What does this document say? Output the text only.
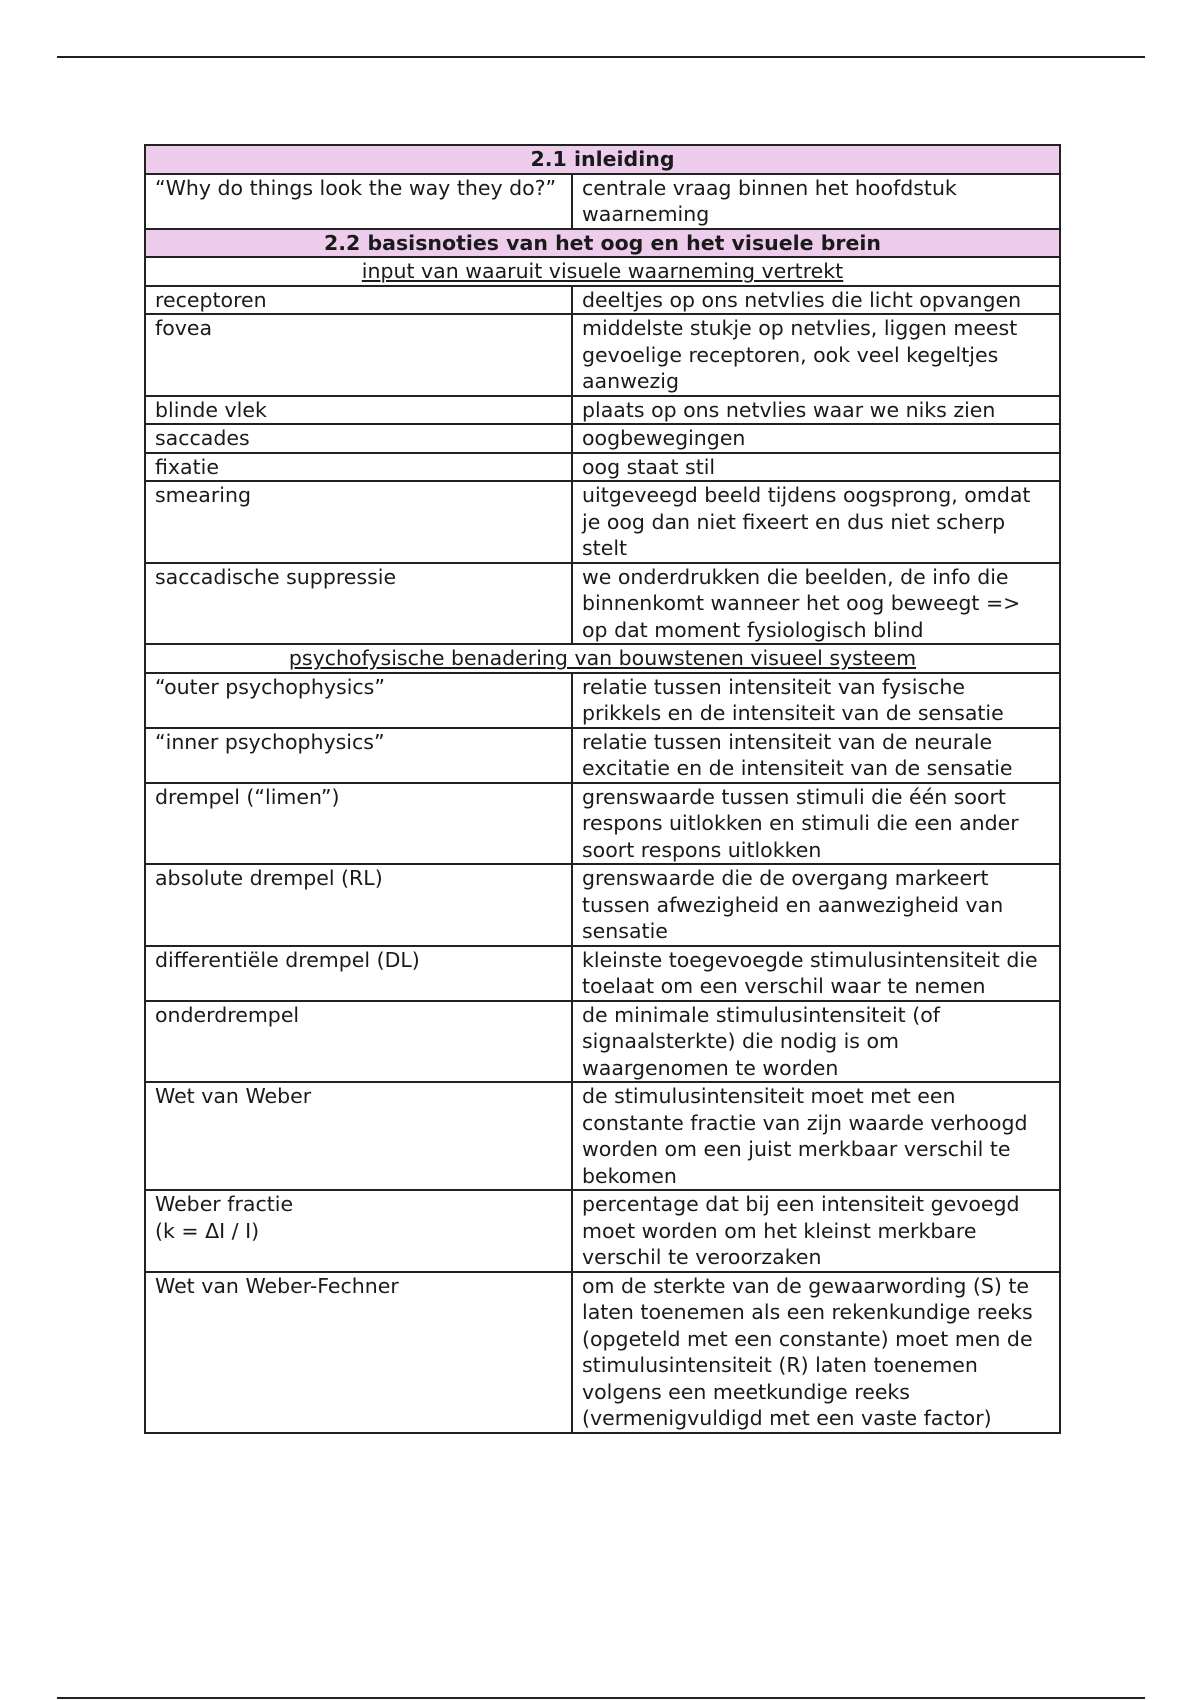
2.1 inleiding	
“Why do things look the way they do?”	centrale vraag binnen het hoofdstuk waarneming
2.2 basisnoties van het oog en het visuele brein	
input van waaruit visuele waarneming vertrekt	
receptoren	deeltjes op ons netvlies die licht opvangen
fovea	middelste stukje op netvlies, liggen meest gevoelige receptoren, ook veel kegeltjes aanwezig
blinde vlek	plaats op ons netvlies waar we niks zien
saccades	oogbewegingen
fixatie	oog staat stil
smearing	uitgeveegd beeld tijdens oogsprong, omdat je oog dan niet fixeert en dus niet scherp stelt
saccadische suppressie	we onderdrukken die beelden, de info die binnenkomt wanneer het oog beweegt => op dat moment fysiologisch blind
psychofysische benadering van bouwstenen visueel systeem	
“outer psychophysics”	relatie tussen intensiteit van fysische prikkels en de intensiteit van de sensatie
“inner psychophysics”	relatie tussen intensiteit van de neurale excitatie en de intensiteit van de sensatie
drempel (“limen”)	grenswaarde tussen stimuli die één soort respons uitlokken en stimuli die een ander soort respons uitlokken
absolute drempel (RL)	grenswaarde die de overgang markeert tussen afwezigheid en aanwezigheid van sensatie
differentiële drempel (DL)	kleinste toegevoegde stimulusintensiteit die toelaat om een verschil waar te nemen
onderdrempel	de minimale stimulusintensiteit (of signaalsterkte) die nodig is om waargenomen te worden
Wet van Weber	de stimulusintensiteit moet met een constante fractie van zijn waarde verhoogd worden om een juist merkbaar verschil te bekomen
Weber fractie
(k = ΔI / I)	percentage dat bij een intensiteit gevoegd moet worden om het kleinst merkbare verschil te veroorzaken
Wet van Weber-Fechner	om de sterkte van de gewaarwording (S) te laten toenemen als een rekenkundige reeks (opgeteld met een constante) moet men de stimulusintensiteit (R) laten toenemen volgens een meetkundige reeks (vermenigvuldigd met een vaste factor)
